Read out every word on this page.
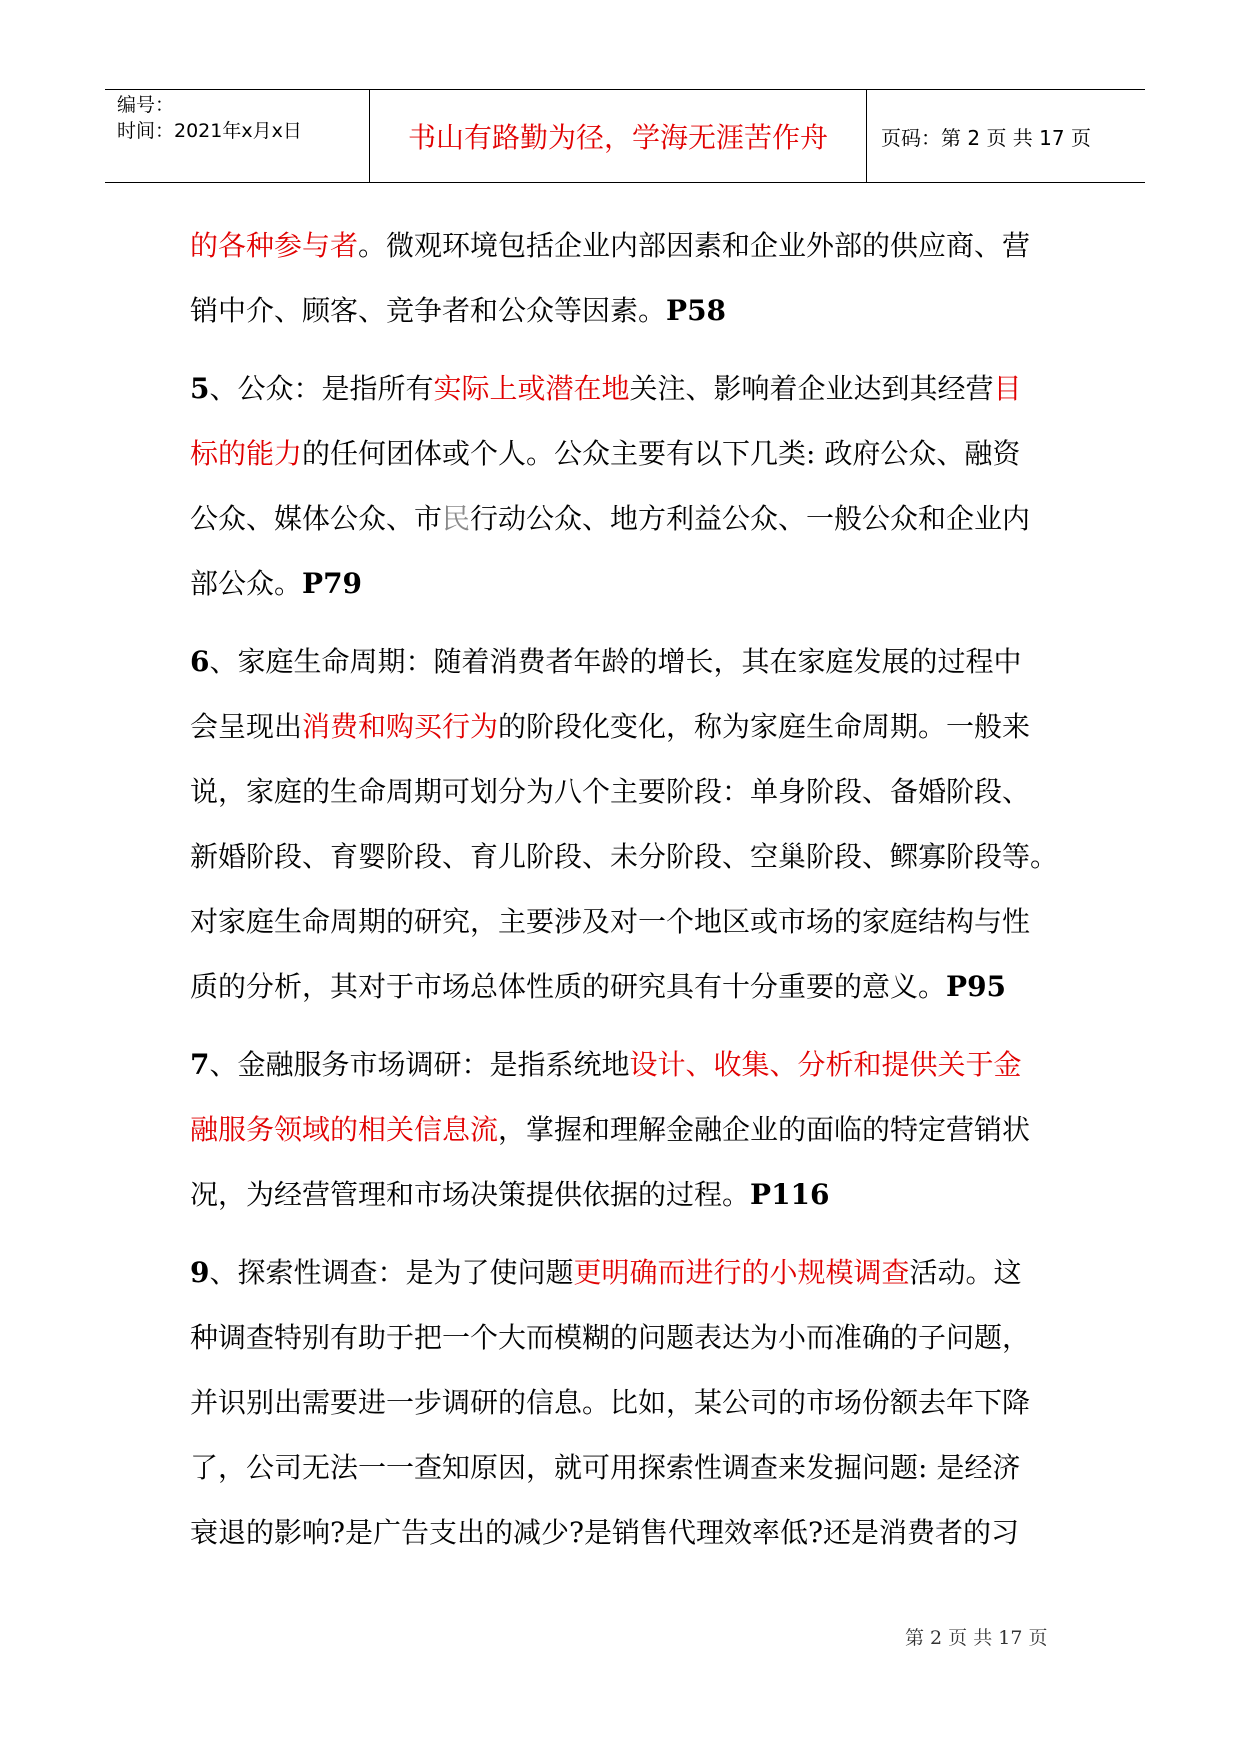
编号：
时间：2021年x月x日	书山有路勤为径，学海无涯苦作舟	页码：第 2 页 共 17 页
的各种参与者。微观环境包括企业内部因素和企业外部的供应商、营
销中介、顾客、竞争者和公众等因素。P58
5、公众：是指所有实际上或潜在地关注、影响着企业达到其经营目
标的能力的任何团体或个人。公众主要有以下几类: 政府公众、融资
公众、媒体公众、市民行动公众、地方利益公众、一般公众和企业内
部公众。P79
6、家庭生命周期：随着消费者年龄的增长，其在家庭发展的过程中
会呈现出消费和购买行为的阶段化变化，称为家庭生命周期。一般来
说，家庭的生命周期可划分为八个主要阶段：单身阶段、备婚阶段、
新婚阶段、育婴阶段、育儿阶段、未分阶段、空巢阶段、鳏寡阶段等。
对家庭生命周期的研究，主要涉及对一个地区或市场的家庭结构与性
质的分析，其对于市场总体性质的研究具有十分重要的意义。P95
7、金融服务市场调研：是指系统地设计、收集、分析和提供关于金
融服务领域的相关信息流，掌握和理解金融企业的面临的特定营销状
况，为经营管理和市场决策提供依据的过程。P116
9、探索性调查：是为了使问题更明确而进行的小规模调查活动。这
种调查特别有助于把一个大而模糊的问题表达为小而准确的子问题，
并识别出需要进一步调研的信息。比如，某公司的市场份额去年下降
了，公司无法一一查知原因，就可用探索性调查来发掘问题: 是经济
衰退的影响?是广告支出的减少?是销售代理效率低?还是消费者的习
第 2 页 共 17 页
